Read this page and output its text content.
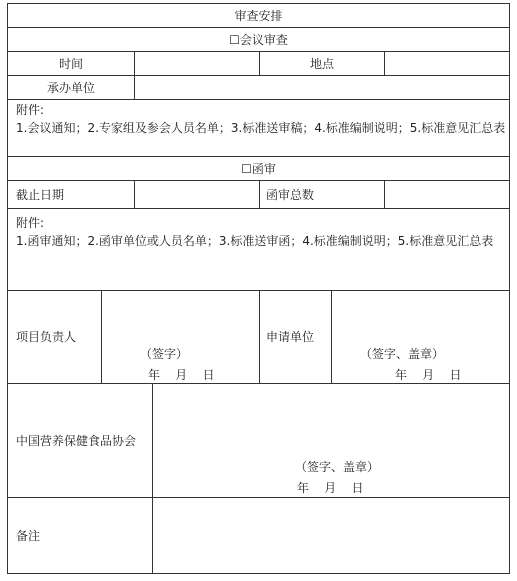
审查安排
☐会议审查
时间	地点
承办单位
附件:
1.会议通知；2.专家组及参会人员名单；3.标准送审稿；4.标准编制说明；5.标准意见汇总表
☐函审
截止日期	函审总数
附件:
1.函审通知；2.函审单位或人员名单；3.标准送审函；4.标准编制说明；5.标准意见汇总表
项目负责人
（签字）
年    月    日
申请单位
（签字、盖章）
年    月    日
中国营养保健食品协会
（签字、盖章）
年    月    日
备注
